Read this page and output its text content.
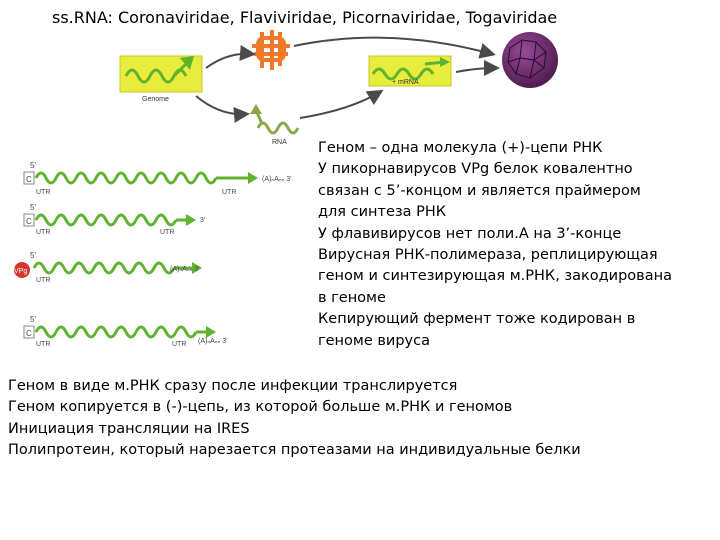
ss.RNA: Coronaviridae, Flaviviridae, Picornaviridae, Togaviridae
Genome
+ mRNA
RNA
5'
C
UTR	UTR
(A)ₙAₙₙ 3'
5'
C
UTR	UTR
3'
5'
VPg
UTR
(A)ₙAₙₙ 3'
5'
C
UTR	UTR (A)ₙAₙₙ 3'
Геном – одна молекула (+)-цепи РНК
У пикорнавирусов VPg белок ковалентно
связан с 5’-концом и является праймером
для синтеза РНК
У флавивирусов нет поли.А на 3’-конце
Вирусная РНК-полимераза, реплицирующая
геном и синтезирующая м.РНК, закодирована
в геноме
Кепирующий фермент тоже кодирован в
геноме вируса
Геном в виде м.РНК сразу после инфекции транслируется
Геном копируется в (-)-цепь, из которой больше м.РНК и геномов
Инициация трансляции на IRES
Полипротеин, который нарезается протеазами на индивидуальные белки
